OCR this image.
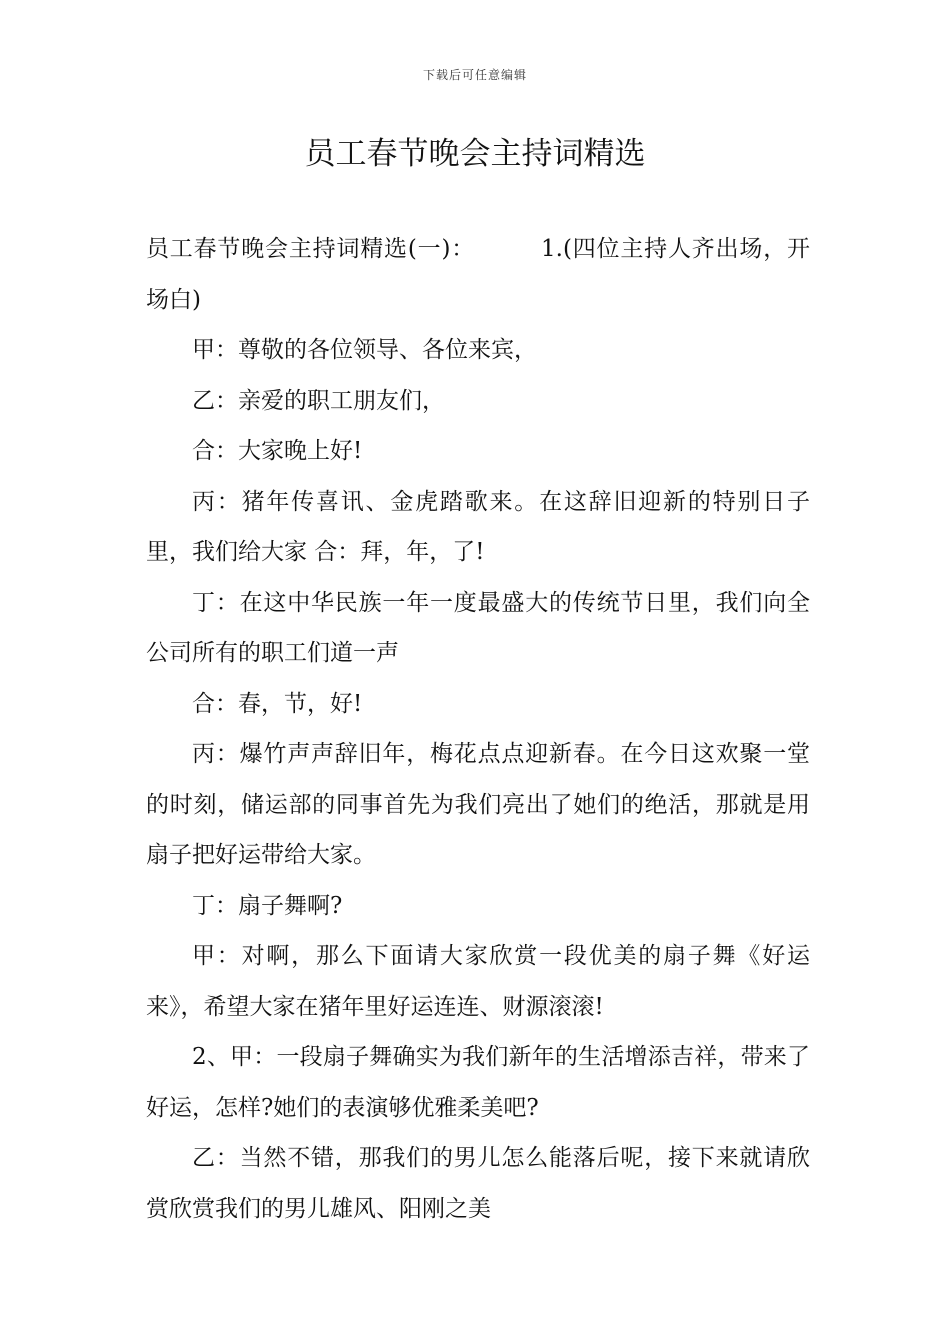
下载后可任意编辑
员工春节晚会主持词精选

员工春节晚会主持词精选(一)：	1.(四位主持人齐出场，开场白)

甲：尊敬的各位领导、各位来宾，

乙：亲爱的职工朋友们，

合：大家晚上好!

丙：猪年传喜讯、金虎踏歌来。在这辞旧迎新的特别日子里，我们给大家 合：拜，年，了!

丁：在这中华民族一年一度最盛大的传统节日里，我们向全公司所有的职工们道一声

合：春，节，好!

丙：爆竹声声辞旧年，梅花点点迎新春。在今日这欢聚一堂的时刻，储运部的同事首先为我们亮出了她们的绝活，那就是用扇子把好运带给大家。

丁：扇子舞啊?

甲：对啊，那么下面请大家欣赏一段优美的扇子舞《好运来》，希望大家在猪年里好运连连、财源滚滚!

2、甲：一段扇子舞确实为我们新年的生活增添吉祥，带来了好运，怎样?她们的表演够优雅柔美吧?

乙：当然不错，那我们的男儿怎么能落后呢，接下来就请欣赏欣赏我们的男儿雄风、阳刚之美
